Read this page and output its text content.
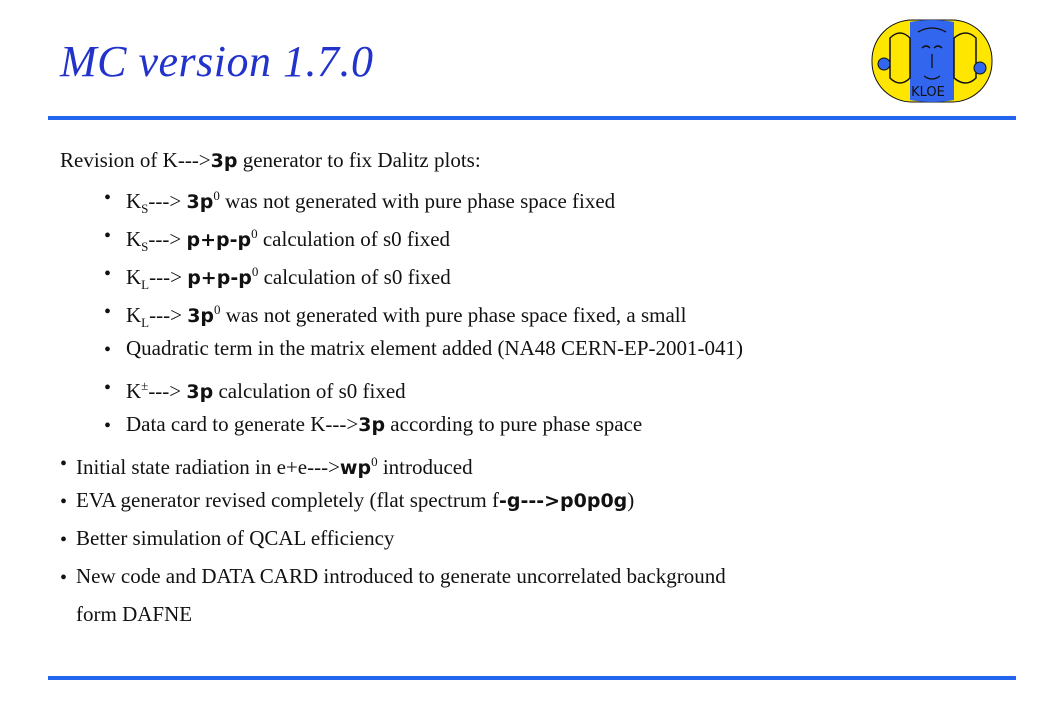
MC version 1.7.0
KLOE
Revision of K--->3p generator to fix Dalitz plots:
• $K_S---> 3p^0$ was not generated with pure phase space fixed
• $K_S---> p+p-p^0$ calculation of s0 fixed
• $K_L---> p+p-p^0$ calculation of s0 fixed
• $K_L---> 3p^0$ was not generated with pure phase space fixed, a small
• Quadratic term in the matrix element added (NA48 CERN-EP-2001-041)
• K±---> 3p calculation of s0 fixed
• Data card to generate K--->3p according to pure phase space
• Initial state radiation in $e+e--->wp^0$ introduced
• EVA generator revised completely (flat spectrum f-g--->p0p0g)
• Better simulation of QCAL efficiency
• New code and DATA CARD introduced to generate uncorrelated background
form DAFNE
